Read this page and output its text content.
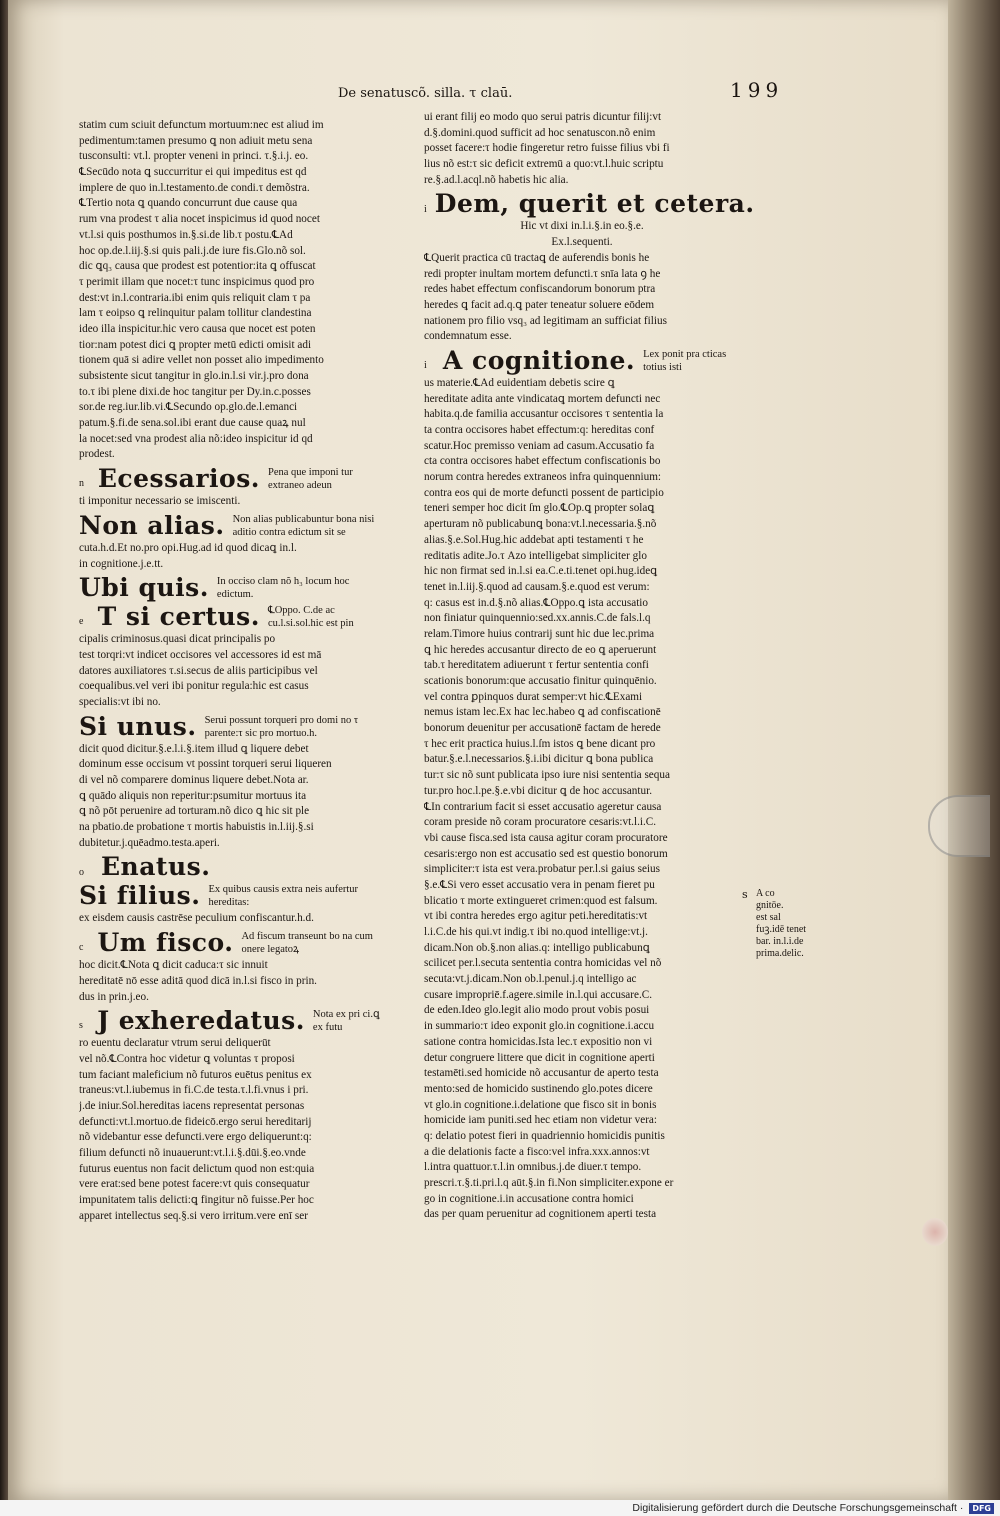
De senatuscõ. silla. τ claū.	199
statim cum sciuit defunctum mortuum:nec est aliud im
pedimentum:tamen presumo ꝗ non adiuit metu sena
tusconsulti: vt.l. propter veneni in princi. τ.§.i.j. eo.
℄Secūdo nota ꝗ succurritur ei qui impeditus est qd
implere de quo in.l.testamento.de condi.τ demõstra.
℄Tertio nota ꝗ quando concurrunt due cause qua
rum vna prodest τ alia nocet inspicimus id quod nocet
vt.l.si quis posthumos in.§.si.de lib.τ postu.℄Ad
hoc op.de.l.iij.§.si quis pali.j.de iure fis.Glo.nõ sol.
dic ꝗq₃ causa que prodest est potentior:ita ꝗ offuscat
τ perimit illam que nocet:τ tunc inspicimus quod pro
dest:vt in.l.contraria.ibi enim quis reliquit clam τ pa
lam τ eoipso ꝗ relinquitur palam tollitur clandestina
ideo illa inspicitur.hic vero causa que nocet est poten
tior:nam potest dici ꝗ propter metū edicti omisit adi
tionem quā si adire vellet non posset alio impedimento
subsistente sicut tangitur in glo.in.l.si vir.j.pro dona
to.τ ibi plene dixi.de hoc tangitur per Dy.in.c.posses
sor.de reg.iur.lib.vi.℄Secundo op.glo.de.l.emanci
patum.§.fi.de sena.sol.ibi erant due cause quaꝝ nul
la nocet:sed vna prodest alia nõ:ideo inspicitur id qd
prodest.
n Ecessarios. Pena que imponi tur extraneo adeun
ti imponitur necessario se imiscenti.
Non alias. Non alias publicabuntur bona nisi aditio contra edictum sit se
cuta.h.d.Et no.pro opi.Hug.ad id quod dicaꝗ in.l.
in cognitione.j.e.tt.
Ubi quis. In occiso clam nõ h₃ locum hoc edictum.
e T si certus. ℄Oppo. C.de ac cu.l.si.sol.hic est pin
cipalis criminosus.quasi dicat principalis po
test torqri:vt indicet occisores vel accessores id est mā
datores auxiliatores τ.si.secus de aliis participibus vel
coequalibus.vel veri ibi ponitur regula:hic est casus
specialis:vt ibi no.
Si unus. Serui possunt torqueri pro domi no τ parente:τ sic pro mortuo.h.
dicit quod dicitur.§.e.l.i.§.item illud ꝗ liquere debet
dominum esse occisum vt possint torqueri serui liqueren
di vel nõ comparere dominus liquere debet.Nota ar.
ꝗ quādo aliquis non reperitur:psumitur mortuus ita
ꝗ nõ pōt peruenire ad torturam.nõ dico ꝗ hic sit ple
na pbatio.de probatione τ mortis habuistis in.l.iij.§.si
dubitetur.j.quēadmo.testa.aperi.
o Enatus.
Si filius. Ex quibus causis extra neis aufertur hereditas:
ex eisdem causis castrēse peculium confiscantur.h.d.
c Um fisco. Ad fiscum transeunt bo na cum onere legatoꝝ
hoc dicit.℄Nota ꝗ dicit caduca:τ sic innuit
hereditatē nō esse aditā quod dicā in.l.si fisco in prin.
dus in prin.j.eo.
s J exheredatus. Nota ex pri ci.ꝗ ex futu
ro euentu declaratur vtrum serui deliquerūt
vel nõ.℄Contra hoc videtur ꝗ voluntas τ proposi
tum faciant maleficium nõ futuros euētus penitus ex
traneus:vt.l.iubemus in fi.C.de testa.τ.l.fi.vnus i pri.
j.de iniur.Sol.hereditas iacens representat personas
defuncti:vt.l.mortuo.de fideicō.ergo serui hereditarij
nõ videbantur esse defuncti.vere ergo deliquerunt:q:
filium defuncti nõ inuauerunt:vt.l.i.§.dūi.§.eo.vnde
futurus euentus non facit delictum quod non est:quia
vere erat:sed bene potest facere:vt quis consequatur
impunitatem talis delicti:ꝗ fingitur nõ fuisse.Per hoc
apparet intellectus seq.§.si vero irritum.vere enī ser
ui erant filij eo modo quo serui patris dicuntur filij:vt
d.§.domini.quod sufficit ad hoc senatuscon.nõ enim
posset facere:τ hodie fingeretur retro fuisse filius vbi fi
lius nõ est:τ sic deficit extremū a quo:vt.l.huic scriptu
re.§.ad.l.acql.nõ habetis hic alia.
i Dem, querit et cetera.
Hic vt dixi in.l.i.§.in eo.§.e.
Ex.l.sequenti.
℄Querit practica cū tractaꝗ de auferendis bonis he
redi propter inultam mortem defuncti.τ snīa lata ꝯ he
redes habet effectum confiscandorum bonorum ptra
heredes ꝗ facit ad.q.ꝗ pater teneatur soluere eōdem
nationem pro filio vsq₃ ad legitimam an sufficiat filius
condemnatum esse.
i A cognitione. Lex ponit pra cticas totius isti
us materie.℄Ad euidentiam debetis scire ꝗ
hereditate adita ante vindicataꝗ mortem defuncti nec
habita.q.de familia accusantur occisores τ sententia la
ta contra occisores habet effectum:q: hereditas conf
scatur.Hoc premisso veniam ad casum.Accusatio fa
cta contra occisores habet effectum confiscationis bo
norum contra heredes extraneos infra quinquennium:
contra eos qui de morte defuncti possent de participio
teneri semper hoc dicit ſm glo.℄Op.ꝗ propter solaꝗ
aperturam nõ publicabunꝗ bona:vt.l.necessaria.§.nõ
alias.§.e.Sol.Hug.hic addebat apti testamenti τ he
reditatis adite.Jo.τ Azo intelligebat simpliciter glo
hic non firmat sed in.l.si ea.C.e.ti.tenet opi.hug.ideꝗ
tenet in.l.iij.§.quod ad causam.§.e.quod est verum:
q: casus est in.d.§.nõ alias.℄Oppo.ꝗ ista accusatio
non finiatur quinquennio:sed.xx.annis.C.de fals.l.q
relam.Timore huius contrarij sunt hic due lec.prima
ꝗ hic heredes accusantur directo de eo ꝗ aperuerunt
tab.τ hereditatem adiuerunt τ fertur sententia confi
scationis bonorum:que accusatio finitur quinquēnio.
vel contra ꝑpinquos durat semper:vt hic.℄Exami
nemus istam lec.Ex hac lec.habeo ꝗ ad confiscationē
bonorum deuenitur per accusationē factam de herede
τ hec erit practica huius.l.ſm istos ꝗ bene dicant pro
batur.§.e.l.necessarios.§.i.ibi dicitur ꝗ bona publica
tur:τ sic nõ sunt publicata ipso iure nisi sententia sequa
tur.pro hoc.l.pe.§.e.vbi dicitur ꝗ de hoc accusantur.
℄In contrarium facit si esset accusatio ageretur causa
coram preside nõ coram procuratore cesaris:vt.l.i.C.
vbi cause fisca.sed ista causa agitur coram procuratore
cesaris:ergo non est accusatio sed est questio bonorum
simpliciter:τ ista est vera.probatur per.l.si gaius seius
§.e.℄Si vero esset accusatio vera in penam fieret pu
blicatio τ morte extingueret crimen:quod est falsum.
vt ibi contra heredes ergo agitur peti.hereditatis:vt
l.i.C.de his qui.vt indig.τ ibi no.quod intellige:vt.j.
dicam.Non ob.§.non alias.q: intelligo publicabunꝗ
scilicet per.l.secuta sententia contra homicidas vel nõ
secuta:vt.j.dicam.Non ob.l.penul.j.q intelligo ac
cusare impropriē.f.agere.simile in.l.qui accusare.C.
de eden.Ideo glo.legit alio modo prout vobis posui
in summario:τ ideo exponit glo.in cognitione.i.accu
satione contra homicidas.Ista lec.τ expositio non vi
detur congruere littere que dicit in cognitione aperti
testamēti.sed homicide nõ accusantur de aperto testa
mento:sed de homicido sustinendo glo.potes dicere
vt glo.in cognitione.i.delatione que fisco sit in bonis
homicide iam puniti.sed hec etiam non videtur vera:
q: delatio potest fieri in quadriennio homicidis punitis
a die delationis facte a fisco:vel infra.xxx.annos:vt
l.intra quattuor.τ.l.in omnibus.j.de diuer.τ tempo.
prescri.τ.§.ti.pri.l.q aūt.§.in fi.Non simpliciter.expone er
go in cognitione.i.in accusatione contra homici
das per quam peruenitur ad cognitionem aperti testa
s A co
gnitōe.
est sal
fuꝫ.idē tenet
bar. in.l.i.de
prima.delic.
Digitalisierung gefördert durch die Deutsche Forschungsgemeinschaft ·	DFG
